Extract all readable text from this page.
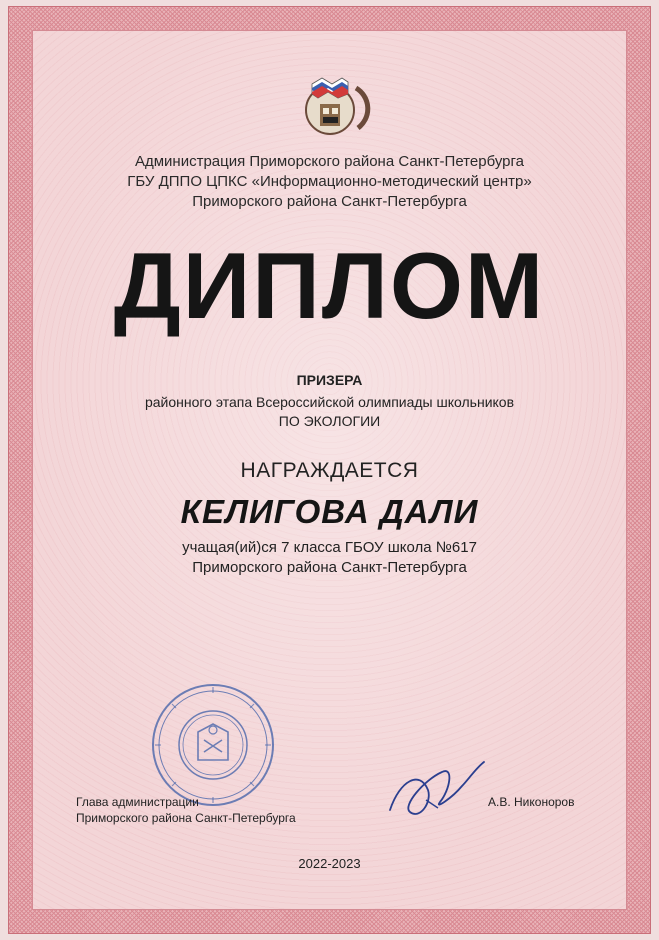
Администрация Приморского района Санкт-Петербурга
ГБУ ДППО ЦПКС «Информационно-методический центр»
Приморского района Санкт-Петербурга
ДИПЛОМ
ПРИЗЕРА
районного этапа Всероссийской олимпиады школьников
ПО ЭКОЛОГИИ
НАГРАЖДАЕТСЯ
КЕЛИГОВА ДАЛИ
учащая(ий)ся 7 класса ГБОУ школа №617
Приморского района Санкт-Петербурга
Глава администрации
Приморского района Санкт-Петербурга
А.В. Никоноров
2022-2023
